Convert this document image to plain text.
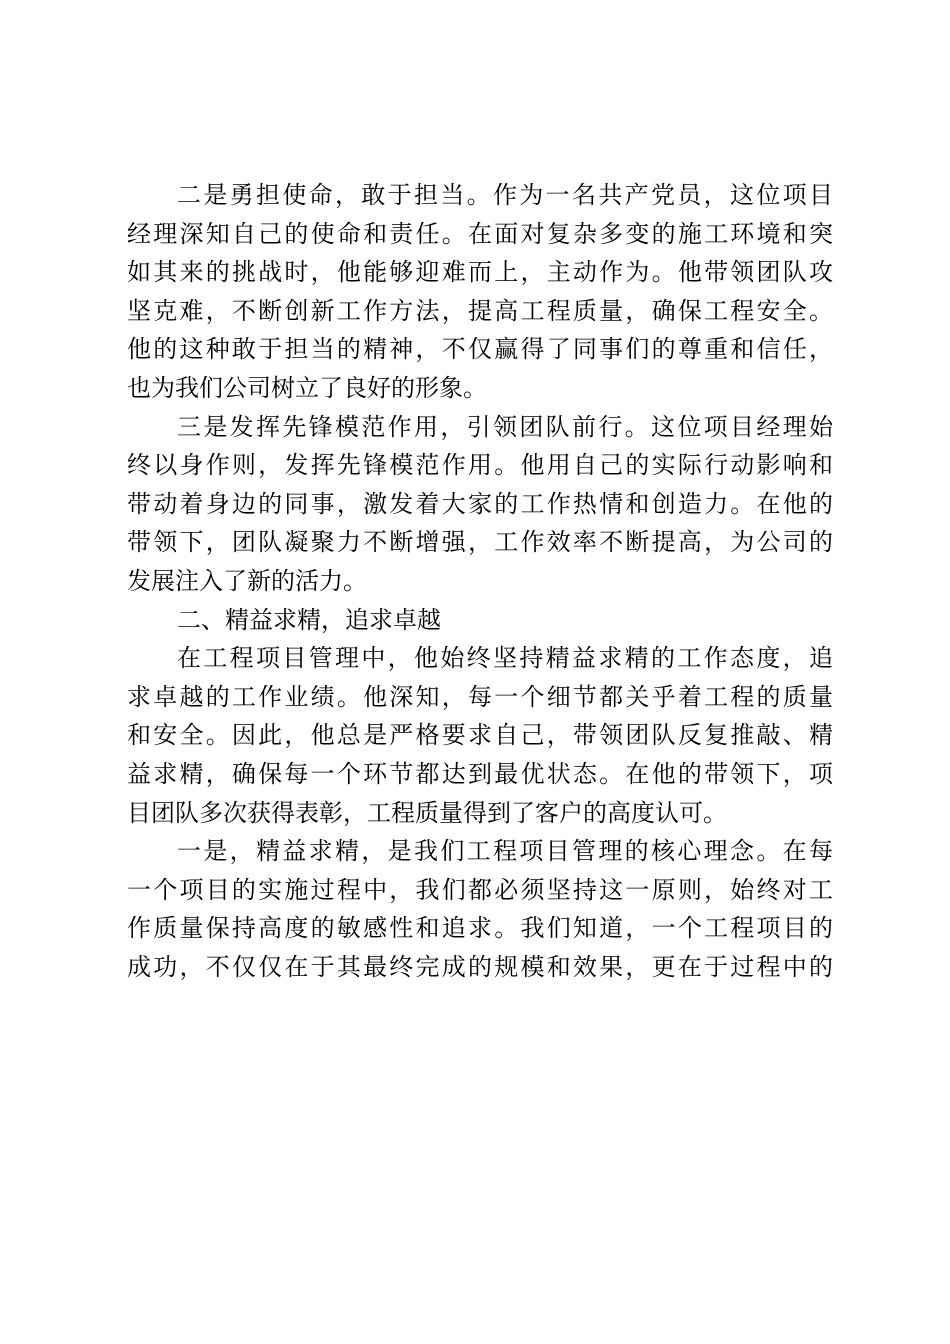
二是勇担使命，敢于担当。作为一名共产党员，这位项目
经理深知自己的使命和责任。在面对复杂多变的施工环境和突
如其来的挑战时，他能够迎难而上，主动作为。他带领团队攻
坚克难，不断创新工作方法，提高工程质量，确保工程安全。
他的这种敢于担当的精神，不仅赢得了同事们的尊重和信任，
也为我们公司树立了良好的形象。
三是发挥先锋模范作用，引领团队前行。这位项目经理始
终以身作则，发挥先锋模范作用。他用自己的实际行动影响和
带动着身边的同事，激发着大家的工作热情和创造力。在他的
带领下，团队凝聚力不断增强，工作效率不断提高，为公司的
发展注入了新的活力。
二、精益求精，追求卓越
在工程项目管理中，他始终坚持精益求精的工作态度，追
求卓越的工作业绩。他深知，每一个细节都关乎着工程的质量
和安全。因此，他总是严格要求自己，带领团队反复推敲、精
益求精，确保每一个环节都达到最优状态。在他的带领下，项
目团队多次获得表彰，工程质量得到了客户的高度认可。
一是，精益求精，是我们工程项目管理的核心理念。在每
一个项目的实施过程中，我们都必须坚持这一原则，始终对工
作质量保持高度的敏感性和追求。我们知道，一个工程项目的
成功，不仅仅在于其最终完成的规模和效果，更在于过程中的
